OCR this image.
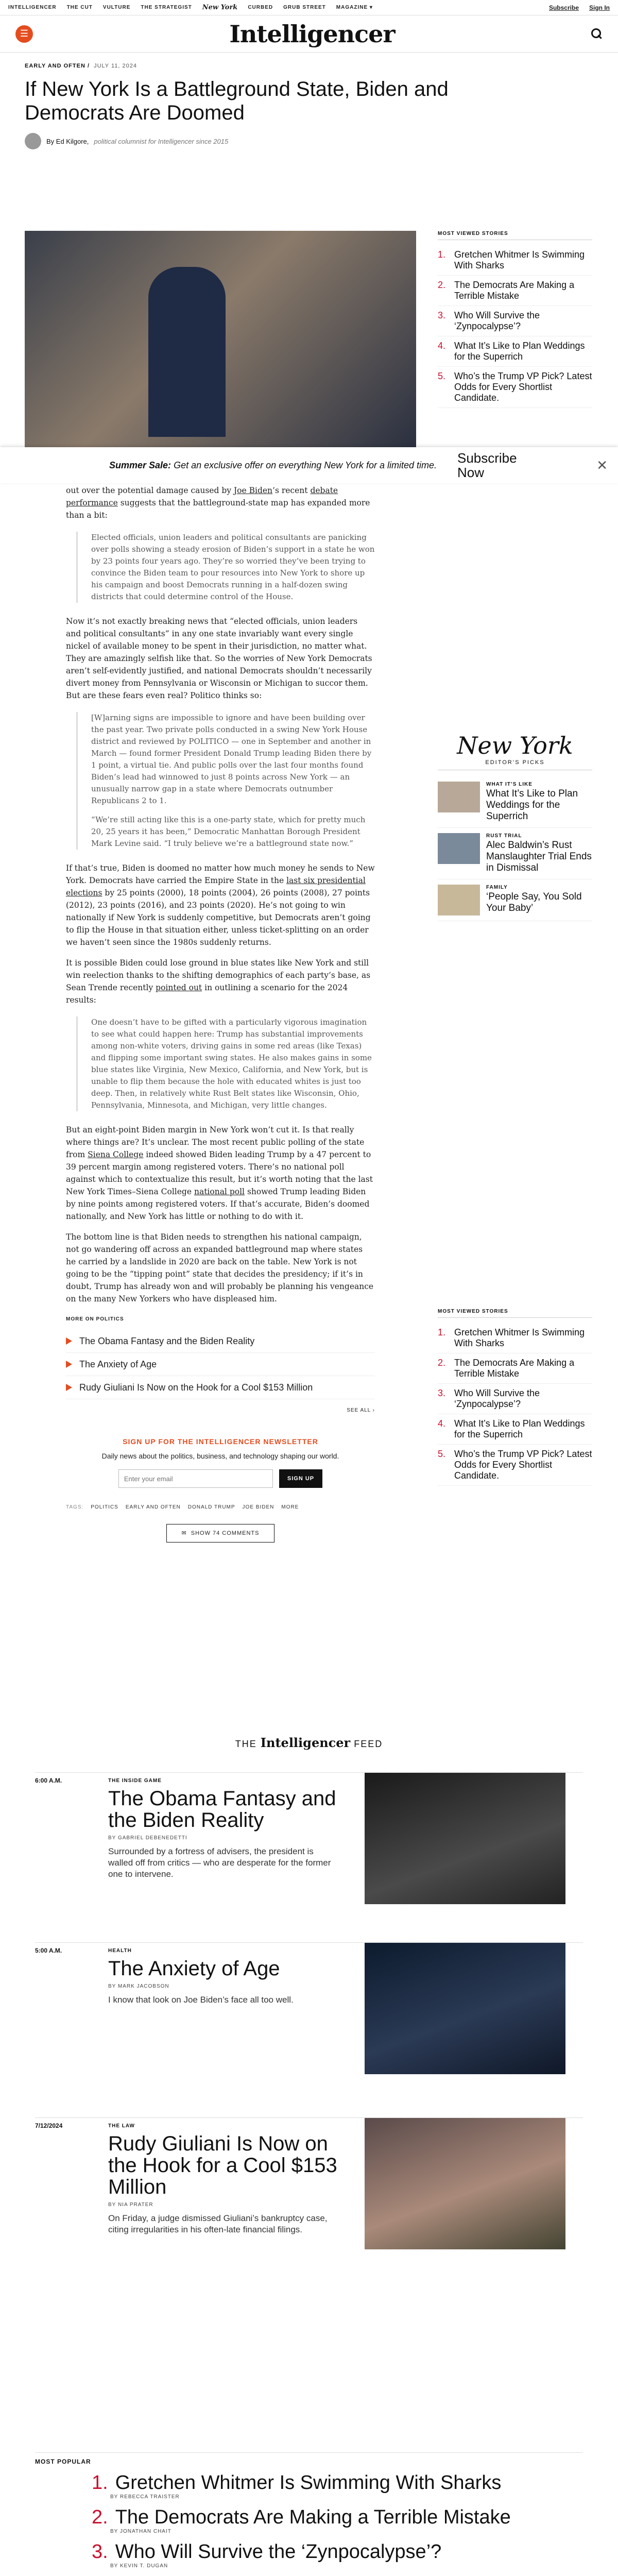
INTELLIGENCER THE CUT VULTURE THE STRATEGIST New York CURBED GRUB STREET MAGAZINE ▾	Subscribe Sign In
☰	Intelligencer
EARLY AND OFTEN / JULY 11, 2024
If New York Is a Battleground State, Biden and Democrats Are Doomed
By Ed Kilgore, political columnist for Intelligencer since 2015
MOST VIEWED STORIES
1. Gretchen Whitmer Is Swimming With Sharks
2. The Democrats Are Making a Terrible Mistake
3. Who Will Survive the ‘Zynpocalypse’?
4. What It’s Like to Plan Weddings for the Superrich
5. Who’s the Trump VP Pick? Latest Odds for Every Shortlist Candidate.
Summer Sale: Get an exclusive offer on everything New York for a limited time. Subscribe Now	✕

out over the potential damage caused by Joe Biden’s recent debate performance suggests that the battleground-state map has expanded more than a bit:

Elected officials, union leaders and political consultants are panicking over polls showing a steady erosion of Biden’s support in a state he won by 23 points four years ago. They’re so worried they’ve been trying to convince the Biden team to pour resources into New York to shore up his campaign and boost Democrats running in a half-dozen swing districts that could determine control of the House.

Now it’s not exactly breaking news that “elected officials, union leaders and political consultants” in any one state invariably want every single nickel of available money to be spent in their jurisdiction, no matter what. They are amazingly selfish like that. So the worries of New York Democrats aren’t self-evidently justified, and national Democrats shouldn’t necessarily divert money from Pennsylvania or Wisconsin or Michigan to succor them. But are these fears even real? Politico thinks so:

[W]arning signs are impossible to ignore and have been building over the past year. Two private polls conducted in a swing New York House district and reviewed by POLITICO — one in September and another in March — found former President Donald Trump leading Biden there by 1 point, a virtual tie. And public polls over the last four months found Biden’s lead had winnowed to just 8 points across New York — an unusually narrow gap in a state where Democrats outnumber Republicans 2 to 1.

“We’re still acting like this is a one-party state, which for pretty much 20, 25 years it has been,” Democratic Manhattan Borough President Mark Levine said. “I truly believe we’re a battleground state now.”

If that’s true, Biden is doomed no matter how much money he sends to New York. Democrats have carried the Empire State in the last six presidential elections by 25 points (2000), 18 points (2004), 26 points (2008), 27 points (2012), 23 points (2016), and 23 points (2020). He’s not going to win nationally if New York is suddenly competitive, but Democrats aren’t going to flip the House in that situation either, unless ticket-splitting on an order we haven’t seen since the 1980s suddenly returns.

It is possible Biden could lose ground in blue states like New York and still win reelection thanks to the shifting demographics of each party’s base, as Sean Trende recently pointed out in outlining a scenario for the 2024 results:

One doesn’t have to be gifted with a particularly vigorous imagination to see what could happen here: Trump has substantial improvements among non-white voters, driving gains in some red areas (like Texas) and flipping some important swing states. He also makes gains in some blue states like Virginia, New Mexico, California, and New York, but is unable to flip them because the hole with educated whites is just too deep. Then, in relatively white Rust Belt states like Wisconsin, Ohio, Pennsylvania, Minnesota, and Michigan, very little changes.

But an eight-point Biden margin in New York won’t cut it. Is that really where things are? It’s unclear. The most recent public polling of the state from Siena College indeed showed Biden leading Trump by a 47 percent to 39 percent margin among registered voters. There’s no national poll against which to contextualize this result, but it’s worth noting that the last New York Times–Siena College national poll showed Trump leading Biden by nine points among registered voters. If that’s accurate, Biden’s doomed nationally, and New York has little or nothing to do with it.

The bottom line is that Biden needs to strengthen his national campaign, not go wandering off across an expanded battleground map where states he carried by a landslide in 2020 are back on the table. New York is not going to be the “tipping point” state that decides the presidency; if it’s in doubt, Trump has already won and will probably be planning his vengeance on the many New Yorkers who have displeased him.

MORE ON POLITICS
The Obama Fantasy and the Biden Reality
The Anxiety of Age
Rudy Giuliani Is Now on the Hook for a Cool $153 Million
SEE ALL ›
SIGN UP FOR THE INTELLIGENCER NEWSLETTER
Daily news about the politics, business, and technology shaping our world.
Enter your email
SIGN UP
TAGS: POLITICS EARLY AND OFTEN DONALD TRUMP JOE BIDEN MORE
✉ SHOW 74 COMMENTS
New York
EDITOR’S PICKS
WHAT IT’S LIKE
What It’s Like to Plan Weddings for the Superrich
RUST TRIAL
Alec Baldwin’s Rust Manslaughter Trial Ends in Dismissal
FAMILY
‘People Say, You Sold Your Baby’
MOST VIEWED STORIES
1. Gretchen Whitmer Is Swimming With Sharks
2. The Democrats Are Making a Terrible Mistake
3. Who Will Survive the ‘Zynpocalypse’?
4. What It’s Like to Plan Weddings for the Superrich
5. Who’s the Trump VP Pick? Latest Odds for Every Shortlist Candidate.
THE Intelligencer FEED
6:00 A.M.	THE INSIDE GAME
The Obama Fantasy and the Biden Reality
BY GABRIEL DEBENEDETTI
Surrounded by a fortress of advisers, the president is walled off from critics — who are desperate for the former one to intervene.
5:00 A.M.	HEALTH
The Anxiety of Age
BY MARK JACOBSON
I know that look on Joe Biden’s face all too well.
7/12/2024	THE LAW
Rudy Giuliani Is Now on the Hook for a Cool $153 Million
BY NIA PRATER
On Friday, a judge dismissed Giuliani’s bankruptcy case, citing irregularities in his often-late financial filings.
MOST POPULAR
1. Gretchen Whitmer Is Swimming With Sharks
BY REBECCA TRAISTER
2. The Democrats Are Making a Terrible Mistake
BY JONATHAN CHAIT
3. Who Will Survive the ‘Zynpocalypse’?
BY KEVIN T. DUGAN
